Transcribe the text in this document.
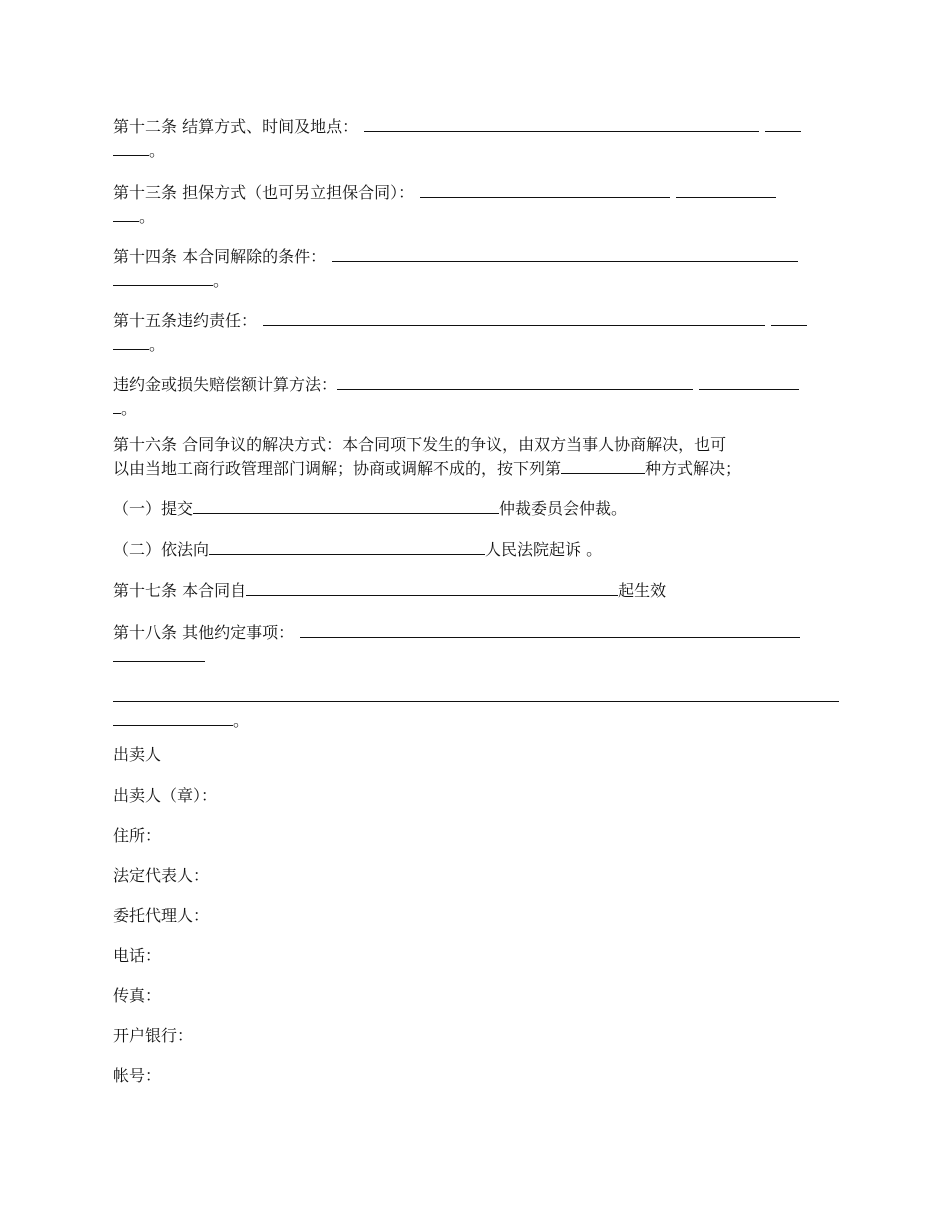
第十二条 结算方式、时间及地点：
。
第十三条 担保方式（也可另立担保合同）：
。
第十四条 本合同解除的条件：
。
第十五条违约责任：
。
违约金或损失赔偿额计算方法：
。
第十六条 合同争议的解决方式：本合同项下发生的争议，由双方当事人协商解决，也可
以由当地工商行政管理部门调解；协商或调解不成的，按下列第	种方式解决；
（一）提交	仲裁委员会仲裁。
（二）依法向	人民法院起诉 。
第十七条 本合同自	起生效
第十八条 其他约定事项：
。
出卖人
出卖人（章）：
住所：
法定代表人：
委托代理人：
电话：
传真：
开户银行：
帐号：
